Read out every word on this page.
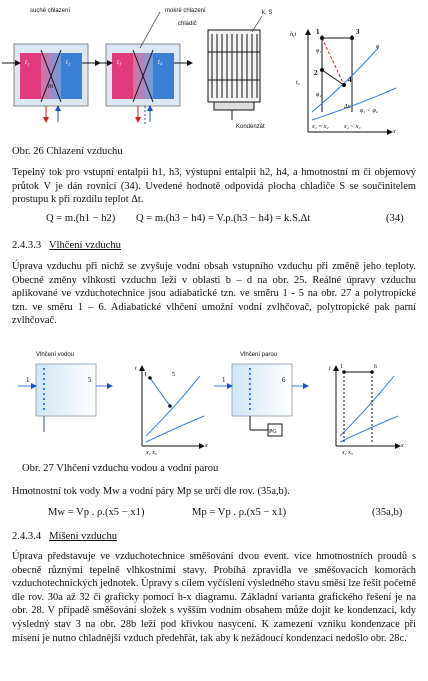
suché chlazení	mokré chlazení
chladič
k, S
Kondenzát
t₁	t₂
m
t₃	t₄
h,t
t₅
x
1	3
2
4
φ₁
φ₂
φ
φ₁ < φ₂
x₁ = x₂	x₄ < x₃
Δx
Obr. 26 Chlazení vzduchu
Tepelný tok pro vstupní entalpii h1, h3, výstupní entalpii h2, h4, a hmotnostní m či objemový průtok V je dán rovnicí (34). Uvedené hodnotě odpovídá plocha chladiče S se součinitelem prostupu k při rozdílu teplot Δt.
Q = m.(h1 − h2) Q = m.(h3 − h4) = V.ρ.(h3 − h4) = k.S.Δt	(34)
2.4.3.3 Vlhčení vzduchu
Úprava vzduchu při nichž se zvyšuje vodní obsah vstupního vzduchu při změně jeho teploty. Obecné změny vlhkosti vzduchu leží v oblasti b – d na obr. 25. Reálné úpravy vzduchu aplikované ve vzduchotechnice jsou adiabatické tzn. ve směru 1 - 5 na obr. 27 a polytropické tzn. ve směru 1 – 6. Adiabatické vlhčení umožní vodní zvlhčovač, polytropické pak parní zvlhčovač.
Vlhčení vodou	Vlhčení parou
1	5
1	5
t
x
x₁ x₅
PG
1	6
1	6
t
x
x₁ x₅
Obr. 27 Vlhčení vzduchu vodou a vodní parou
Hmotnostní tok vody Mw a vodní páry Mp se určí dle rov. (35a,b).
Mw = Vp . ρ.(x5 − x1)	Mp = Vp . ρ.(x5 − x1)	(35a,b)
2.4.3.4 Míšení vzduchu
Úprava představuje ve vzduchotechnice směšování dvou event. více hmotnostních proudů s obecně různými tepelně vlhkostními stavy. Probíhá zpravidla ve směšovacích komorách vzduchotechnických jednotek. Úpravy s cílem vyčíslení výsledného stavu směsi lze řešit početně dle rov. 30a až 32 či graficky pomocí h-x diagramu. Základní varianta grafického řešení je na obr. 28. V případě směšování složek s vyšším vodním obsahem může dojít ke kondenzaci, kdy výsledný stav 3 na obr. 28b leží pod křivkou nasycení. K zamezení vzniku kondenzace při mísení je nutno chladnější vzduch předehřát, tak aby k nežádoucí kondenzaci nedošlo obr. 28c.
